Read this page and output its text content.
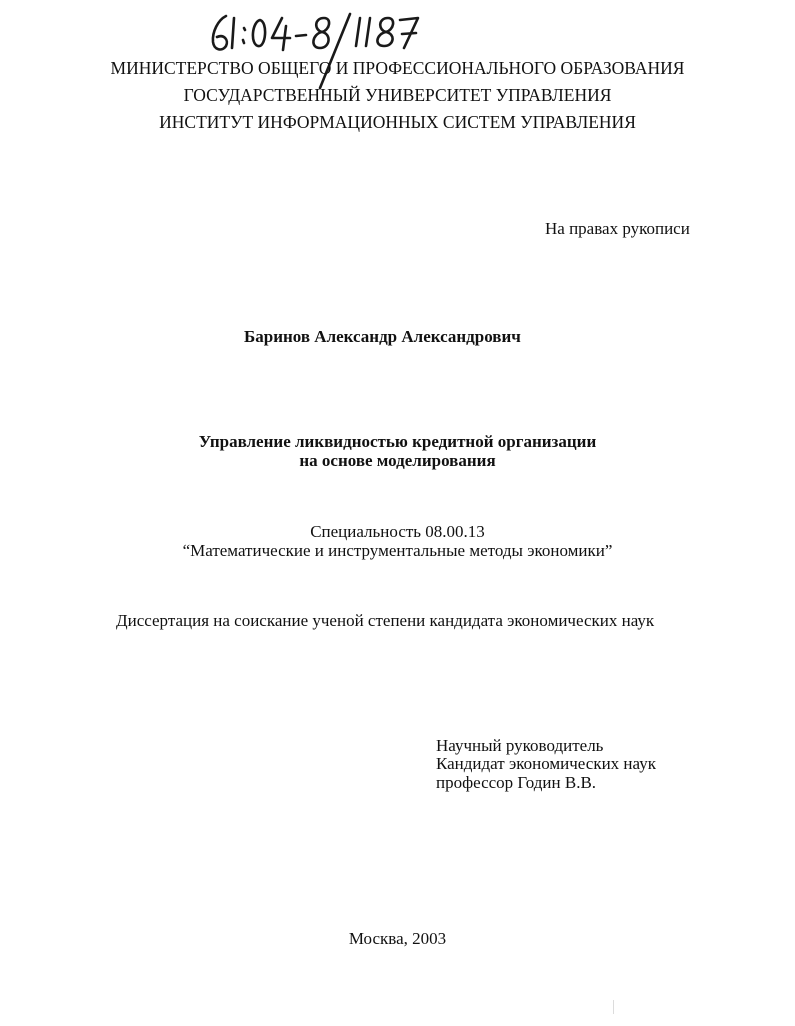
МИНИСТЕРСТВО ОБЩЕГО И ПРОФЕССИОНАЛЬНОГО ОБРАЗОВАНИЯ
ГОСУДАРСТВЕННЫЙ УНИВЕРСИТЕТ УПРАВЛЕНИЯ
ИНСТИТУТ ИНФОРМАЦИОННЫХ СИСТЕМ УПРАВЛЕНИЯ
На правах рукописи
Баринов Александр Александрович
Управление ликвидностью кредитной организации
на основе моделирования
Специальность 08.00.13
“Математические и инструментальные методы экономики”
Диссертация на соискание ученой степени кандидата экономических наук
Научный руководитель
Кандидат экономических наук
профессор Годин В.В.
Москва, 2003
